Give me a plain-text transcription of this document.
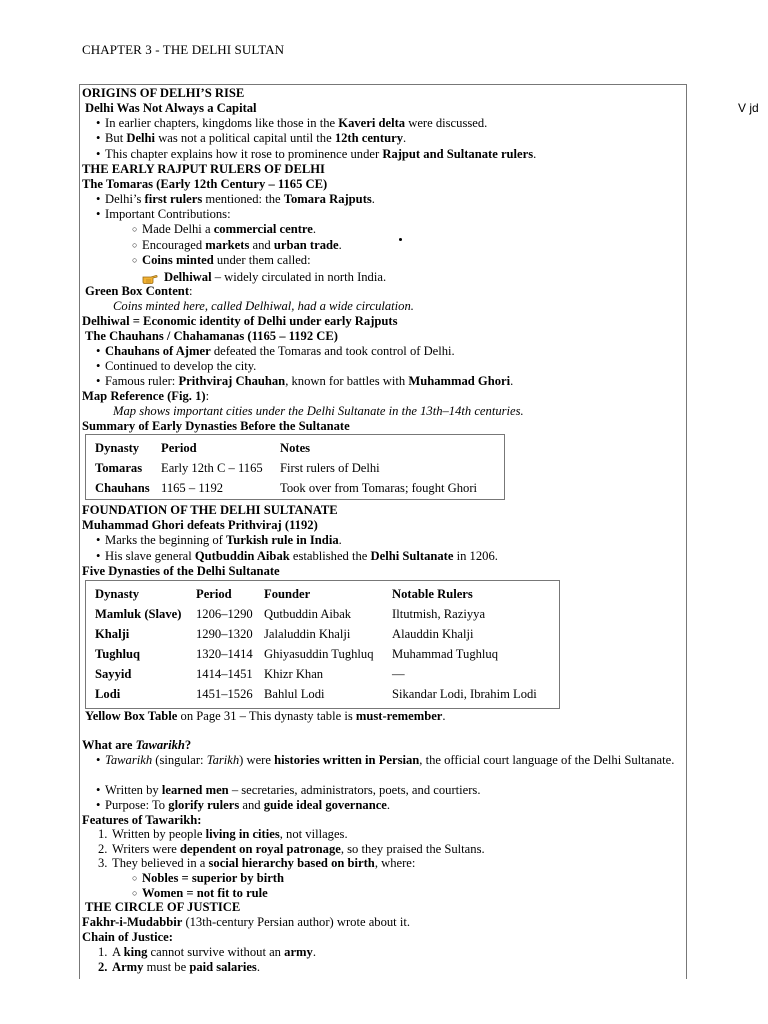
CHAPTER 3 - THE DELHI SULTAN
V jd
ORIGINS OF DELHI’S RISE
Delhi Was Not Always a Capital
• In earlier chapters, kingdoms like those in the Kaveri delta were discussed.
• But Delhi was not a political capital until the 12th century.
• This chapter explains how it rose to prominence under Rajput and Sultanate rulers.
THE EARLY RAJPUT RULERS OF DELHI
The Tomaras (Early 12th Century – 1165 CE)
• Delhi’s first rulers mentioned: the Tomara Rajputs.
• Important Contributions:
○ Made Delhi a commercial centre.
○ Encouraged markets and urban trade.
○ Coins minted under them called:
Delhiwal – widely circulated in north India.
Green Box Content:
Coins minted here, called Delhiwal, had a wide circulation.
Delhiwal = Economic identity of Delhi under early Rajputs
The Chauhans / Chahamanas (1165 – 1192 CE)
• Chauhans of Ajmer defeated the Tomaras and took control of Delhi.
• Continued to develop the city.
• Famous ruler: Prithviraj Chauhan, known for battles with Muhammad Ghori.
Map Reference (Fig. 1):
Map shows important cities under the Delhi Sultanate in the 13th–14th centuries.
Summary of Early Dynasties Before the Sultanate
Dynasty	Period	Notes
Tomaras	Early 12th C – 1165	First rulers of Delhi
Chauhans	1165 – 1192	Took over from Tomaras; fought Ghori
FOUNDATION OF THE DELHI SULTANATE
Muhammad Ghori defeats Prithviraj (1192)
• Marks the beginning of Turkish rule in India.
• His slave general Qutbuddin Aibak established the Delhi Sultanate in 1206.
Five Dynasties of the Delhi Sultanate
Dynasty	Period	Founder	Notable Rulers
Mamluk (Slave)	1206–1290	Qutbuddin Aibak	Iltutmish, Raziyya
Khalji	1290–1320	Jalaluddin Khalji	Alauddin Khalji
Tughluq	1320–1414	Ghiyasuddin Tughluq	Muhammad Tughluq
Sayyid	1414–1451	Khizr Khan	—
Lodi	1451–1526	Bahlul Lodi	Sikandar Lodi, Ibrahim Lodi
Yellow Box Table on Page 31 – This dynasty table is must-remember.
What are Tawarikh?
• Tawarikh (singular: Tarikh) were histories written in Persian, the official court language of the Delhi Sultanate.
• Written by learned men – secretaries, administrators, poets, and courtiers.
• Purpose: To glorify rulers and guide ideal governance.
Features of Tawarikh:
1. Written by people living in cities, not villages.
2. Writers were dependent on royal patronage, so they praised the Sultans.
3. They believed in a social hierarchy based on birth, where:
○ Nobles = superior by birth
○ Women = not fit to rule
THE CIRCLE OF JUSTICE
Fakhr-i-Mudabbir (13th-century Persian author) wrote about it.
Chain of Justice:
1. A king cannot survive without an army.
2. Army must be paid salaries.
